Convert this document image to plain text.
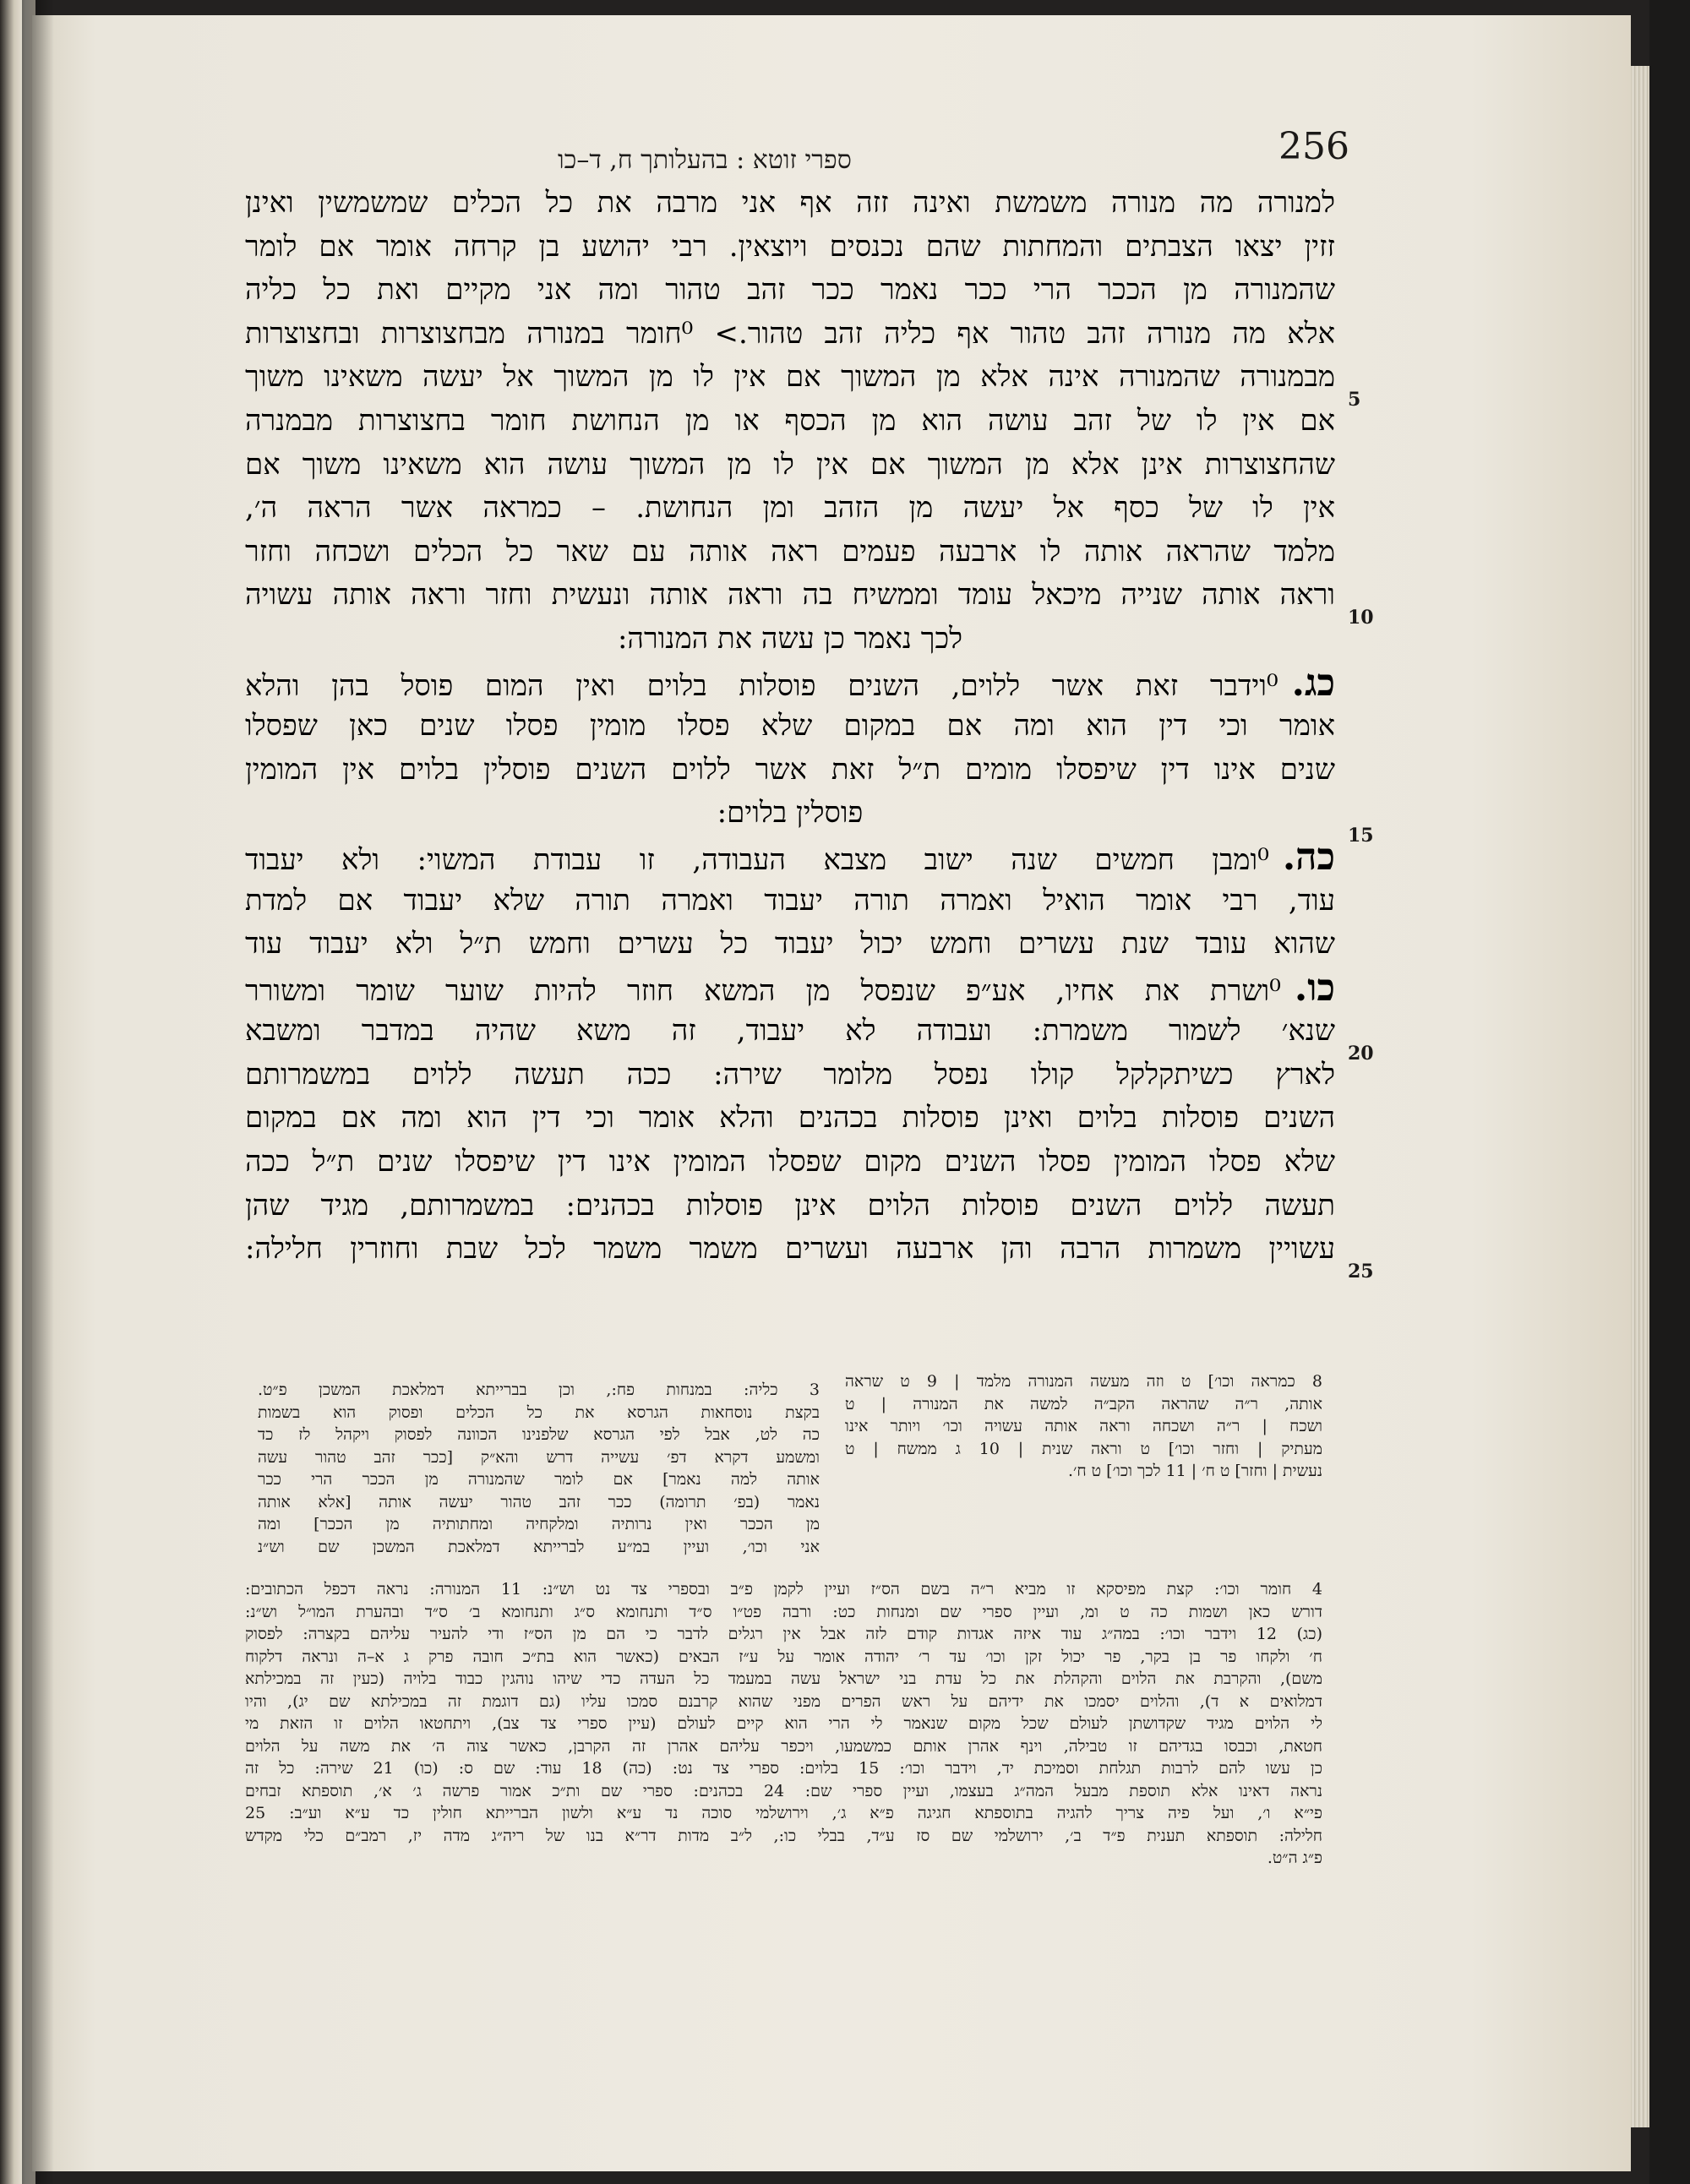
256
ספרי זוטא : בהעלותך ח, ד–כו
למנורה מה מנורה משמשת ואינה זזה אף אני מרבה את כל הכלים שמשמשין ואינן
זזין יצאו הצבתים והמחתות שהם נכנסים ויוצאין. רבי יהושע בן קרחה אומר אם לומר
שהמנורה מן הככר הרי ככר נאמר ככר זהב טהור ומה אני מקיים ואת כל כליה
אלא מה מנורה זהב טהור אף כליה זהב טהור.> ⁰חומר במנורה מבחצוצרות ובחצוצרות
מבמנורה שהמנורה אינה אלא מן המשוך אם אין לו מן המשוך אל יעשה משאינו משוך
אם אין לו של זהב עושה הוא מן הכסף או מן הנחושת חומר בחצוצרות מבמנרה
שהחצוצרות אינן אלא מן המשוך אם אין לו מן המשוך עושה הוא משאינו משוך אם
אין לו של כסף אל יעשה מן הזהב ומן הנחושת. – כמראה אשר הראה ה׳,
מלמד שהראה אותה לו ארבעה פעמים ראה אותה עם שאר כל הכלים ושכחה וחזר
וראה אותה שנייה מיכאל עומד וממשיח בה וראה אותה ונעשית וחזר וראה אותה עשויה
לכך נאמר כן עשה את המנורה:
כג.⁰וידבר זאת אשר ללוים, השנים פוסלות בלוים ואין המום פוסל בהן והלא
אומר וכי דין הוא ומה אם במקום שלא פסלו מומין פסלו שנים כאן שפסלו
שנים אינו דין שיפסלו מומים ת״ל זאת אשר ללוים השנים פוסלין בלוים אין המומין
פוסלין בלוים:
כה.⁰ומבן חמשים שנה ישוב מצבא העבודה, זו עבודת המשוי: ולא יעבוד
עוד, רבי אומר הואיל ואמרה תורה יעבוד ואמרה תורה שלא יעבוד אם למדת
שהוא עובד שנת עשרים וחמש יכול יעבוד כל עשרים וחמש ת״ל ולא יעבוד עוד
כו.⁰ושרת את אחיו, אע״פ שנפסל מן המשא חוזר להיות שוער שומר ומשורר
שנא׳ לשמור משמרת: ועבודה לא יעבוד, זה משא שהיה במדבר ומשבא
לארץ כשיתקלקל קולו נפסל מלומר שירה: ככה תעשה ללוים במשמרותם
השנים פוסלות בלוים ואינן פוסלות בכהנים והלא אומר וכי דין הוא ומה אם במקום
שלא פסלו המומין פסלו השנים מקום שפסלו המומין אינו דין שיפסלו שנים ת״ל ככה
תעשה ללוים השנים פוסלות הלוים אינן פוסלות בכהנים: במשמרותם, מגיד שהן
עשויין משמרות הרבה והן ארבעה ועשרים משמר משמר לכל שבת וחוזרין חלילה:
5
10
15
20
25
8 כמראה וכו׳] ט וזה מעשה המנורה מלמד | 9 ט שראה
אותה, ר״ה שהראה הקב״ה למשה את המנורה | ט
ושכח | ר״ה ושכחה וראה אותה עשויה וכו׳ ויותר אינו
מעתיק | וחזר וכו׳] ט וראה שנית | 10 ג ממשח | ט
נעשית | וחזר] ט ח׳ | 11 לכך וכו׳] ט ח׳.
3 כליה: במנחות פח:, וכן בברייתא דמלאכת המשכן פ״ט.
בקצת נוסחאות הגרסא את כל הכלים ופסוק הוא בשמות
כה לט, אבל לפי הגרסא שלפנינו הכוונה לפסוק ויקהל לז כד
ומשמע דקרא דפ׳ עשייה דרש והא״ק [ככר זהב טהור עשה
אותה למה נאמר] אם לומר שהמנורה מן הככר הרי ככר
נאמר (בפ׳ תרומה) ככר זהב טהור יעשה אותה [אלא אותה
מן הככר ואין נרותיה ומלקחיה ומחתותיה מן הככר] ומה
אני וכו׳, ועיין במ״ע לברייתא דמלאכת המשכן שם וש״נ
4 חומר וכו׳: קצת מפיסקא זו מביא ר״ה בשם הס״ז ועיין לקמן פ״ב ובספרי צד נט וש״נ: 11 המנורה: נראה דכפל הכתובים:
דורש כאן ושמות כה ט ומ, ועיין ספרי שם ומנחות כט: ורבה פט״ו ס״ד ותנחומא ס״ג ותנחומא ב׳ ס״ד ובהערת המו״ל וש״נ:
(כג) 12 וידבר וכו׳: במה״ג עוד איזה אגדות קודם לזה אבל אין רגלים לדבר כי הם מן הס״ז ודי להעיר עליהם בקצרה: לפסוק
ח׳ ולקחו פר בן בקר, פר יכול זקן וכו׳ עד ר׳ יהודה אומר על ע״ז הבאים (כאשר הוא בת״כ חובה פרק ג א–ה ונראה דלקוח
משם), והקרבת את הלוים והקהלת את כל עדת בני ישראל עשה במעמד כל העדה כדי שיהו נוהגין כבוד בלויה (כעין זה במכילתא
דמלואים א ד), והלוים יסמכו את ידיהם על ראש הפרים מפני שהוא קרבנם סמכו עליו (גם דוגמת זה במכילתא שם יג), והיו
לי הלוים מגיד שקדושתן לעולם שכל מקום שנאמר לי הרי הוא קיים לעולם (עיין ספרי צד צב), ויתחטאו הלוים זו הזאת מי
חטאת, וכבסו בגדיהם זו טבילה, וינף אהרן אותם כמשמעו, ויכפר עליהם אהרן זה הקרבן, כאשר צוה ה׳ את משה על הלוים
כן עשו להם לרבות תגלחת וסמיכת יד, וידבר וכו׳: 15 בלוים: ספרי צד נט: (כה) 18 עוד: שם ס: (כו) 21 שירה: כל זה
נראה דאינו אלא תוספת מבעל המה״ג בעצמו, ועיין ספרי שם: 24 בכהנים: ספרי שם ות״כ אמור פרשה ג׳ א׳, תוספתא זבחים
פי״א ו׳, ועל פיה צריך להגיה בתוספתא חגיגה פ״א ג׳, וירושלמי סוכה נד ע״א ולשון הברייתא חולין כד ע״א וע״ב: 25
חלילה: תוספתא תענית פ״ד ב׳, ירושלמי שם סז ע״ד, בבלי כו:, ל״ב מדות דר״א בנו של ריה״ג מדה יז, רמב״ם כלי מקדש
פ״ג ה״ט.
